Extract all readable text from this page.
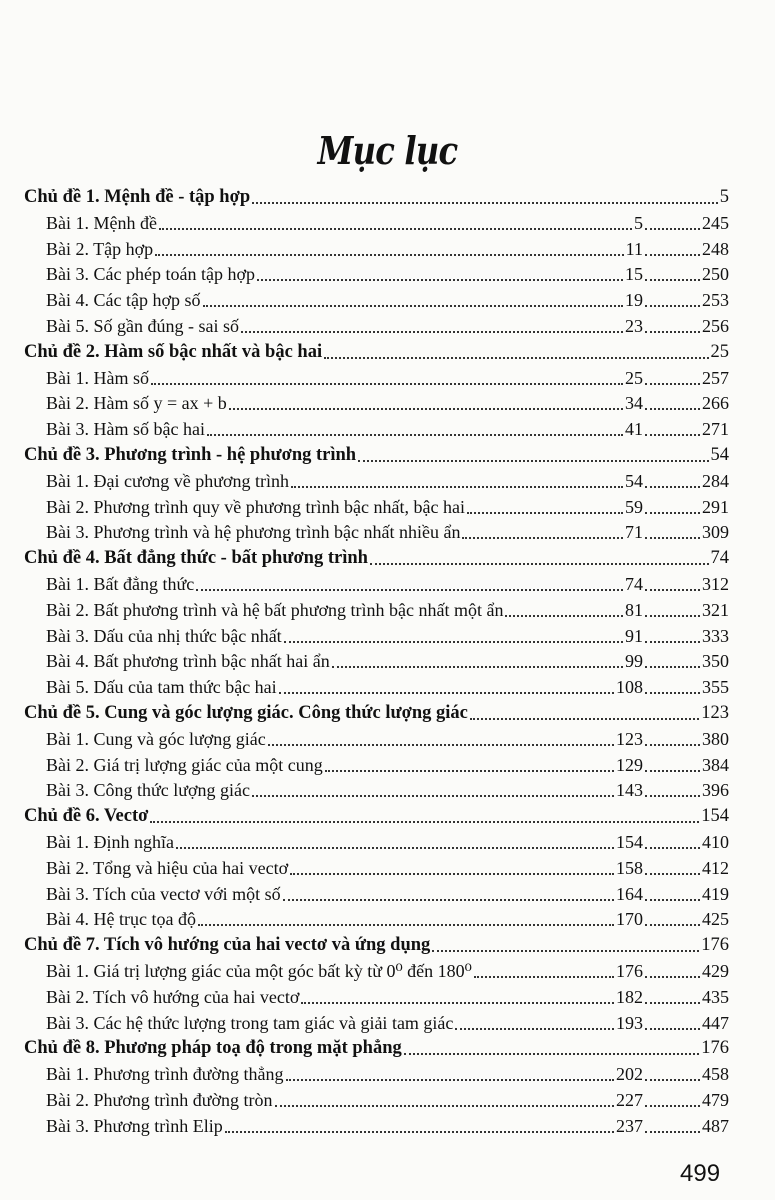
Mục lục
Chủ đề 1. Mệnh đề - tập hợp	5
Bài 1. Mệnh đề	5	245
Bài 2. Tập hợp	11	248
Bài 3. Các phép toán tập hợp	15	250
Bài 4. Các tập hợp số	19	253
Bài 5. Số gần đúng - sai số	23	256
Chủ đề 2. Hàm số bậc nhất và bậc hai	25
Bài 1. Hàm số	25	257
Bài 2. Hàm số y = ax + b	34	266
Bài 3. Hàm số bậc hai	41	271
Chủ đề 3. Phương trình - hệ phương trình	54
Bài 1. Đại cương về phương trình	54	284
Bài 2. Phương trình quy về phương trình bậc nhất, bậc hai	59	291
Bài 3. Phương trình và hệ phương trình bậc nhất nhiều ẩn	71	309
Chủ đề 4. Bất đẳng thức - bất phương trình	74
Bài 1. Bất đẳng thức	74	312
Bài 2. Bất phương trình và hệ bất phương trình bậc nhất một ẩn	81	321
Bài 3. Dấu của nhị thức bậc nhất	91	333
Bài 4. Bất phương trình bậc nhất hai ẩn	99	350
Bài 5. Dấu của tam thức bậc hai	108	355
Chủ đề 5. Cung và góc lượng giác. Công thức lượng giác	123
Bài 1. Cung và góc lượng giác	123	380
Bài 2. Giá trị lượng giác của một cung	129	384
Bài 3. Công thức lượng giác	143	396
Chủ đề 6. Vectơ	154
Bài 1. Định nghĩa	154	410
Bài 2. Tổng và hiệu của hai vectơ	158	412
Bài 3. Tích của vectơ với một số	164	419
Bài 4. Hệ trục tọa độ	170	425
Chủ đề 7. Tích vô hướng của hai vectơ và ứng dụng	176
Bài 1. Giá trị lượng giác của một góc bất kỳ từ 0⁰ đến 180⁰	176	429
Bài 2. Tích vô hướng của hai vectơ	182	435
Bài 3. Các hệ thức lượng trong tam giác và giải tam giác	193	447
Chủ đề 8. Phương pháp toạ độ trong mặt phẳng	176
Bài 1. Phương trình đường thẳng	202	458
Bài 2. Phương trình đường tròn	227	479
Bài 3. Phương trình Elip	237	487
499
